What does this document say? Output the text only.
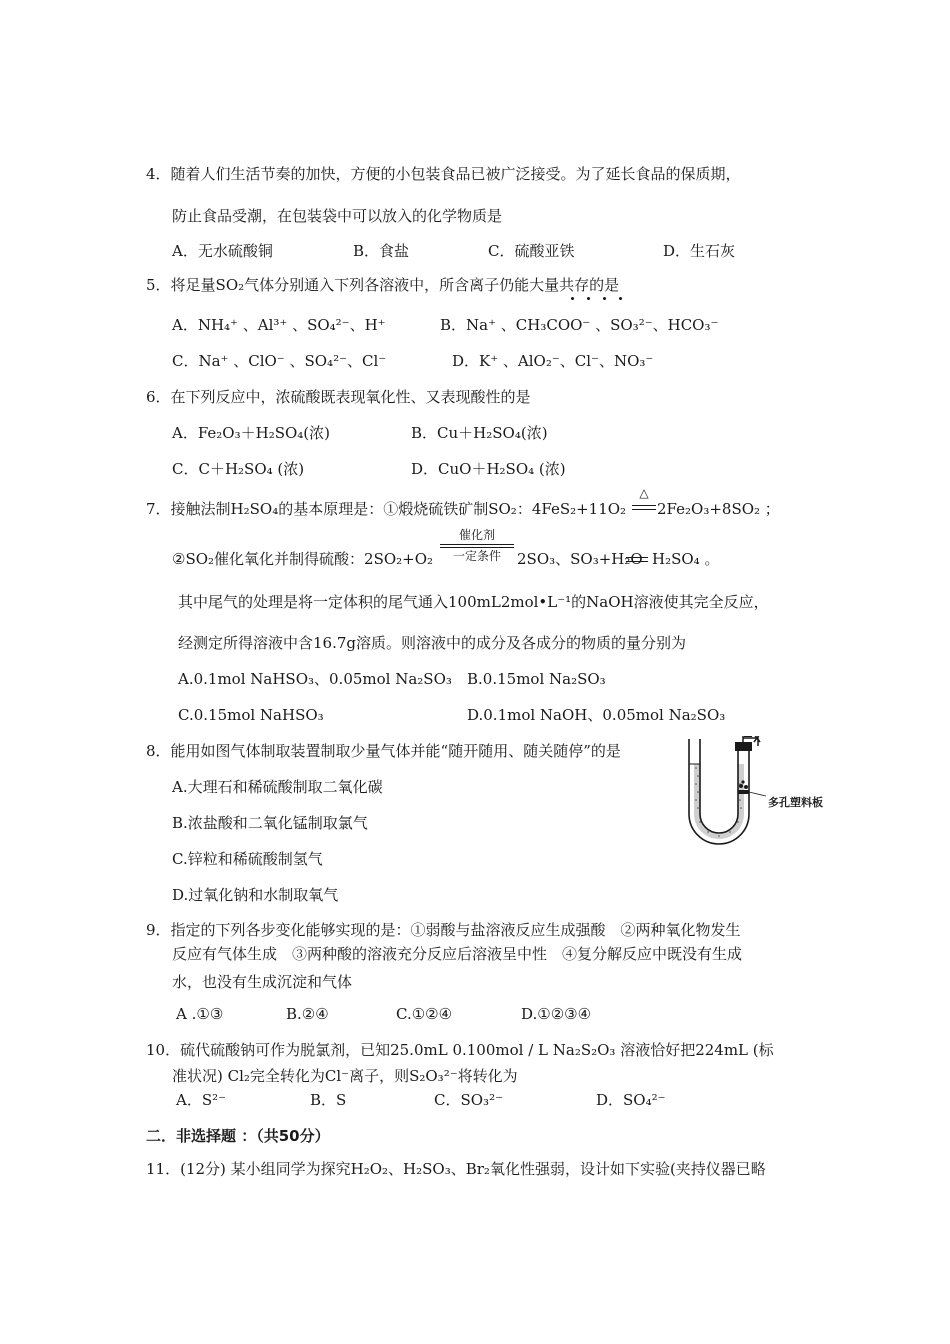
4．随着人们生活节奏的加快，方便的小包装食品已被广泛接受。为了延长食品的保质期，
防止食品受潮，在包装袋中可以放入的化学物质是
A．无水硫酸铜	B．食盐	C．硫酸亚铁	D．生石灰
5．将足量SO₂气体分别通入下列各溶液中，所含离子仍能大量共存的是
A．NH₄⁺ 、Al³⁺ 、SO₄²⁻、H⁺	B．Na⁺ 、CH₃COO⁻ 、SO₃²⁻、HCO₃⁻
C．Na⁺ 、ClO⁻ 、SO₄²⁻、Cl⁻	D．K⁺ 、AlO₂⁻、Cl⁻、NO₃⁻
6．在下列反应中，浓硫酸既表现氧化性、又表现酸性的是
A．Fe₂O₃＋H₂SO₄(浓)	B．Cu＋H₂SO₄(浓)
C．C＋H₂SO₄ (浓)	D．CuO＋H₂SO₄ (浓)
7．接触法制H₂SO₄的基本原理是：①煅烧硫铁矿制SO₂：4FeS₂+11O₂
△
2Fe₂O₃+8SO₂ ；
②SO₂催化氧化并制得硫酸：2SO₂+O₂
催化剂
一定条件	2SO₃、SO₃+H₂O H₂SO₄ 。
其中尾气的处理是将一定体积的尾气通入100mL2mol•L⁻¹的NaOH溶液使其完全反应，
经测定所得溶液中含16.7g溶质。则溶液中的成分及各成分的物质的量分别为
A.0.1mol NaHSO₃、0.05mol Na₂SO₃ B.0.15mol Na₂SO₃
C.0.15mol NaHSO₃	D.0.1mol NaOH、0.05mol Na₂SO₃
8．能用如图气体制取装置制取少量气体并能“随开随用、随关随停”的是
A.大理石和稀硫酸制取二氧化碳
B.浓盐酸和二氧化锰制取氯气
C.锌粒和稀硫酸制氢气
D.过氧化钠和水制取氧气
多孔塑料板
9．指定的下列各步变化能够实现的是：①弱酸与盐溶液反应生成强酸　②两种氧化物发生
反应有气体生成　③两种酸的溶液充分反应后溶液呈中性　④复分解反应中既没有生成
水，也没有生成沉淀和气体
A .①③	B.②④	C.①②④	D.①②③④
10．硫代硫酸钠可作为脱氯剂，已知25.0mL 0.100mol / L Na₂S₂O₃ 溶液恰好把224mL (标
准状况) Cl₂完全转化为Cl⁻离子，则S₂O₃²⁻将转化为
A．S²⁻	B．S	C．SO₃²⁻	D．SO₄²⁻
二．非选择题 ：（共50分）
11．(12分) 某小组同学为探究H₂O₂、H₂SO₃、Br₂氧化性强弱，设计如下实验(夹持仪器已略
